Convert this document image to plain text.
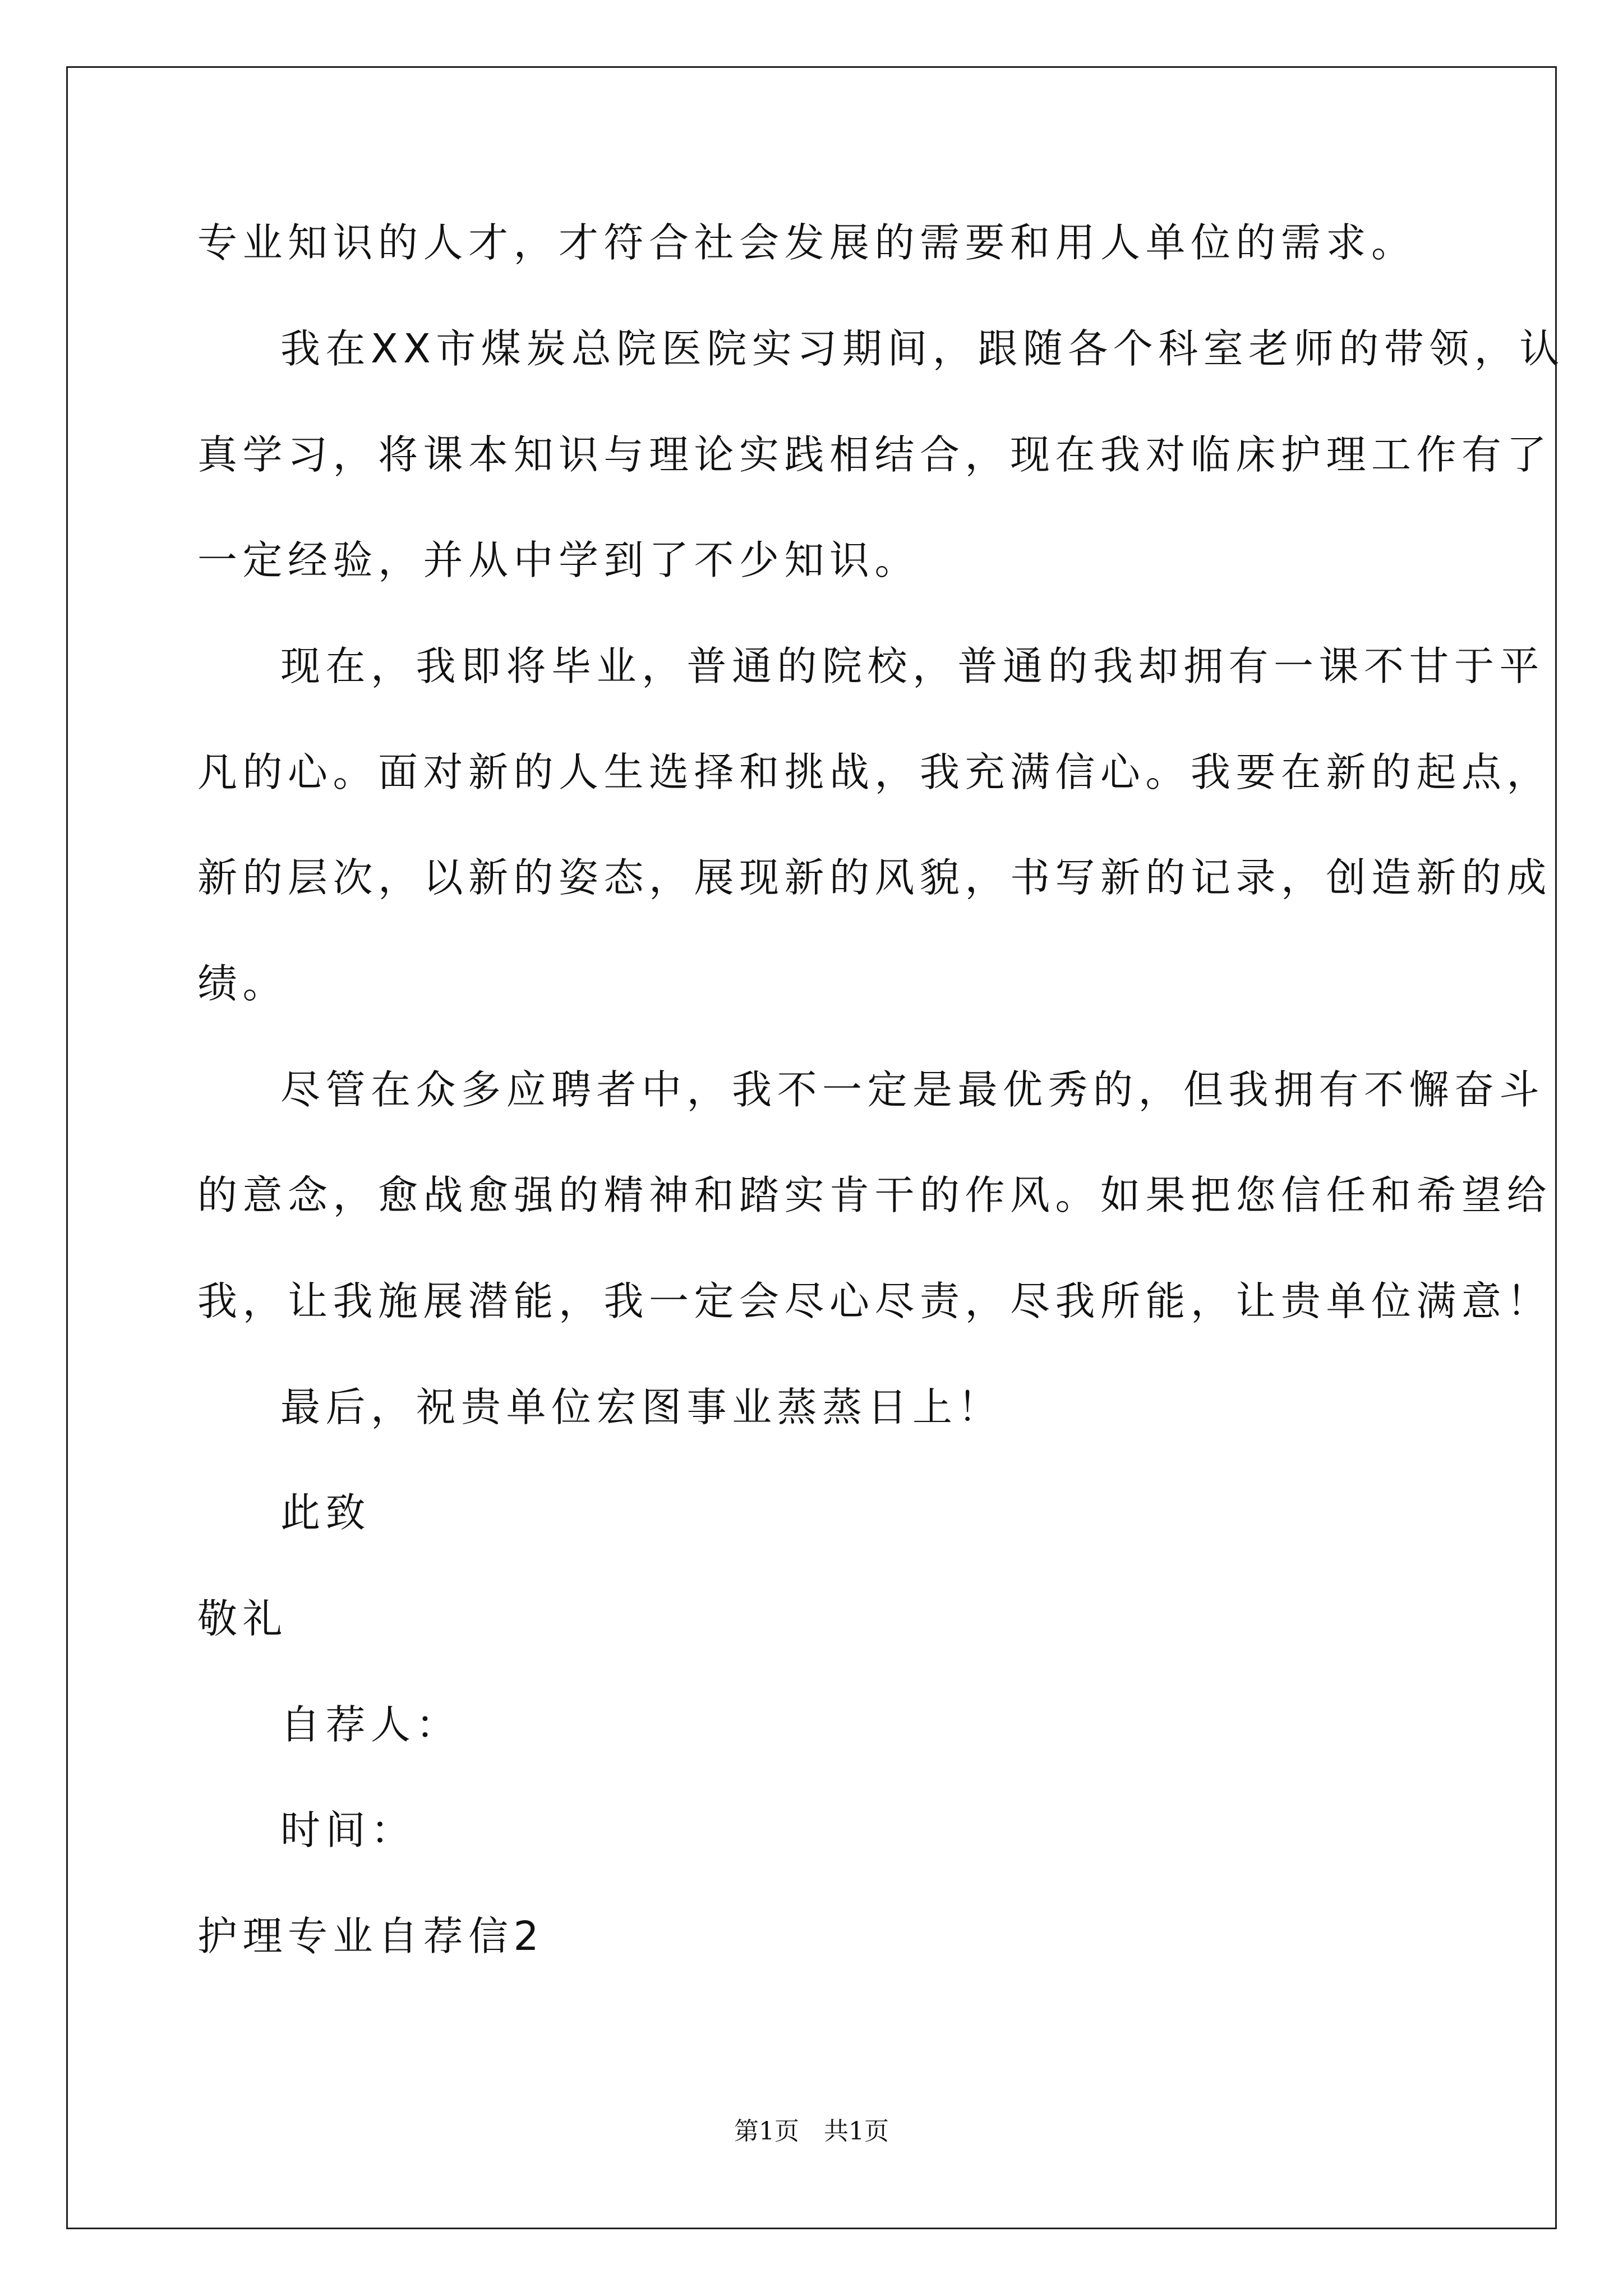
专业知识的人才，才符合社会发展的需要和用人单位的需求。
我在XX市煤炭总院医院实习期间，跟随各个科室老师的带领，认
真学习，将课本知识与理论实践相结合，现在我对临床护理工作有了
一定经验，并从中学到了不少知识。
现在，我即将毕业，普通的院校，普通的我却拥有一课不甘于平
凡的心。面对新的人生选择和挑战，我充满信心。我要在新的起点，
新的层次，以新的姿态，展现新的风貌，书写新的记录，创造新的成
绩。
尽管在众多应聘者中，我不一定是最优秀的，但我拥有不懈奋斗
的意念，愈战愈强的精神和踏实肯干的作风。如果把您信任和希望给
我，让我施展潜能，我一定会尽心尽责，尽我所能，让贵单位满意！
最后，祝贵单位宏图事业蒸蒸日上！
此致
敬礼
自荐人：
时间：
护理专业自荐信2
第1页　共1页
